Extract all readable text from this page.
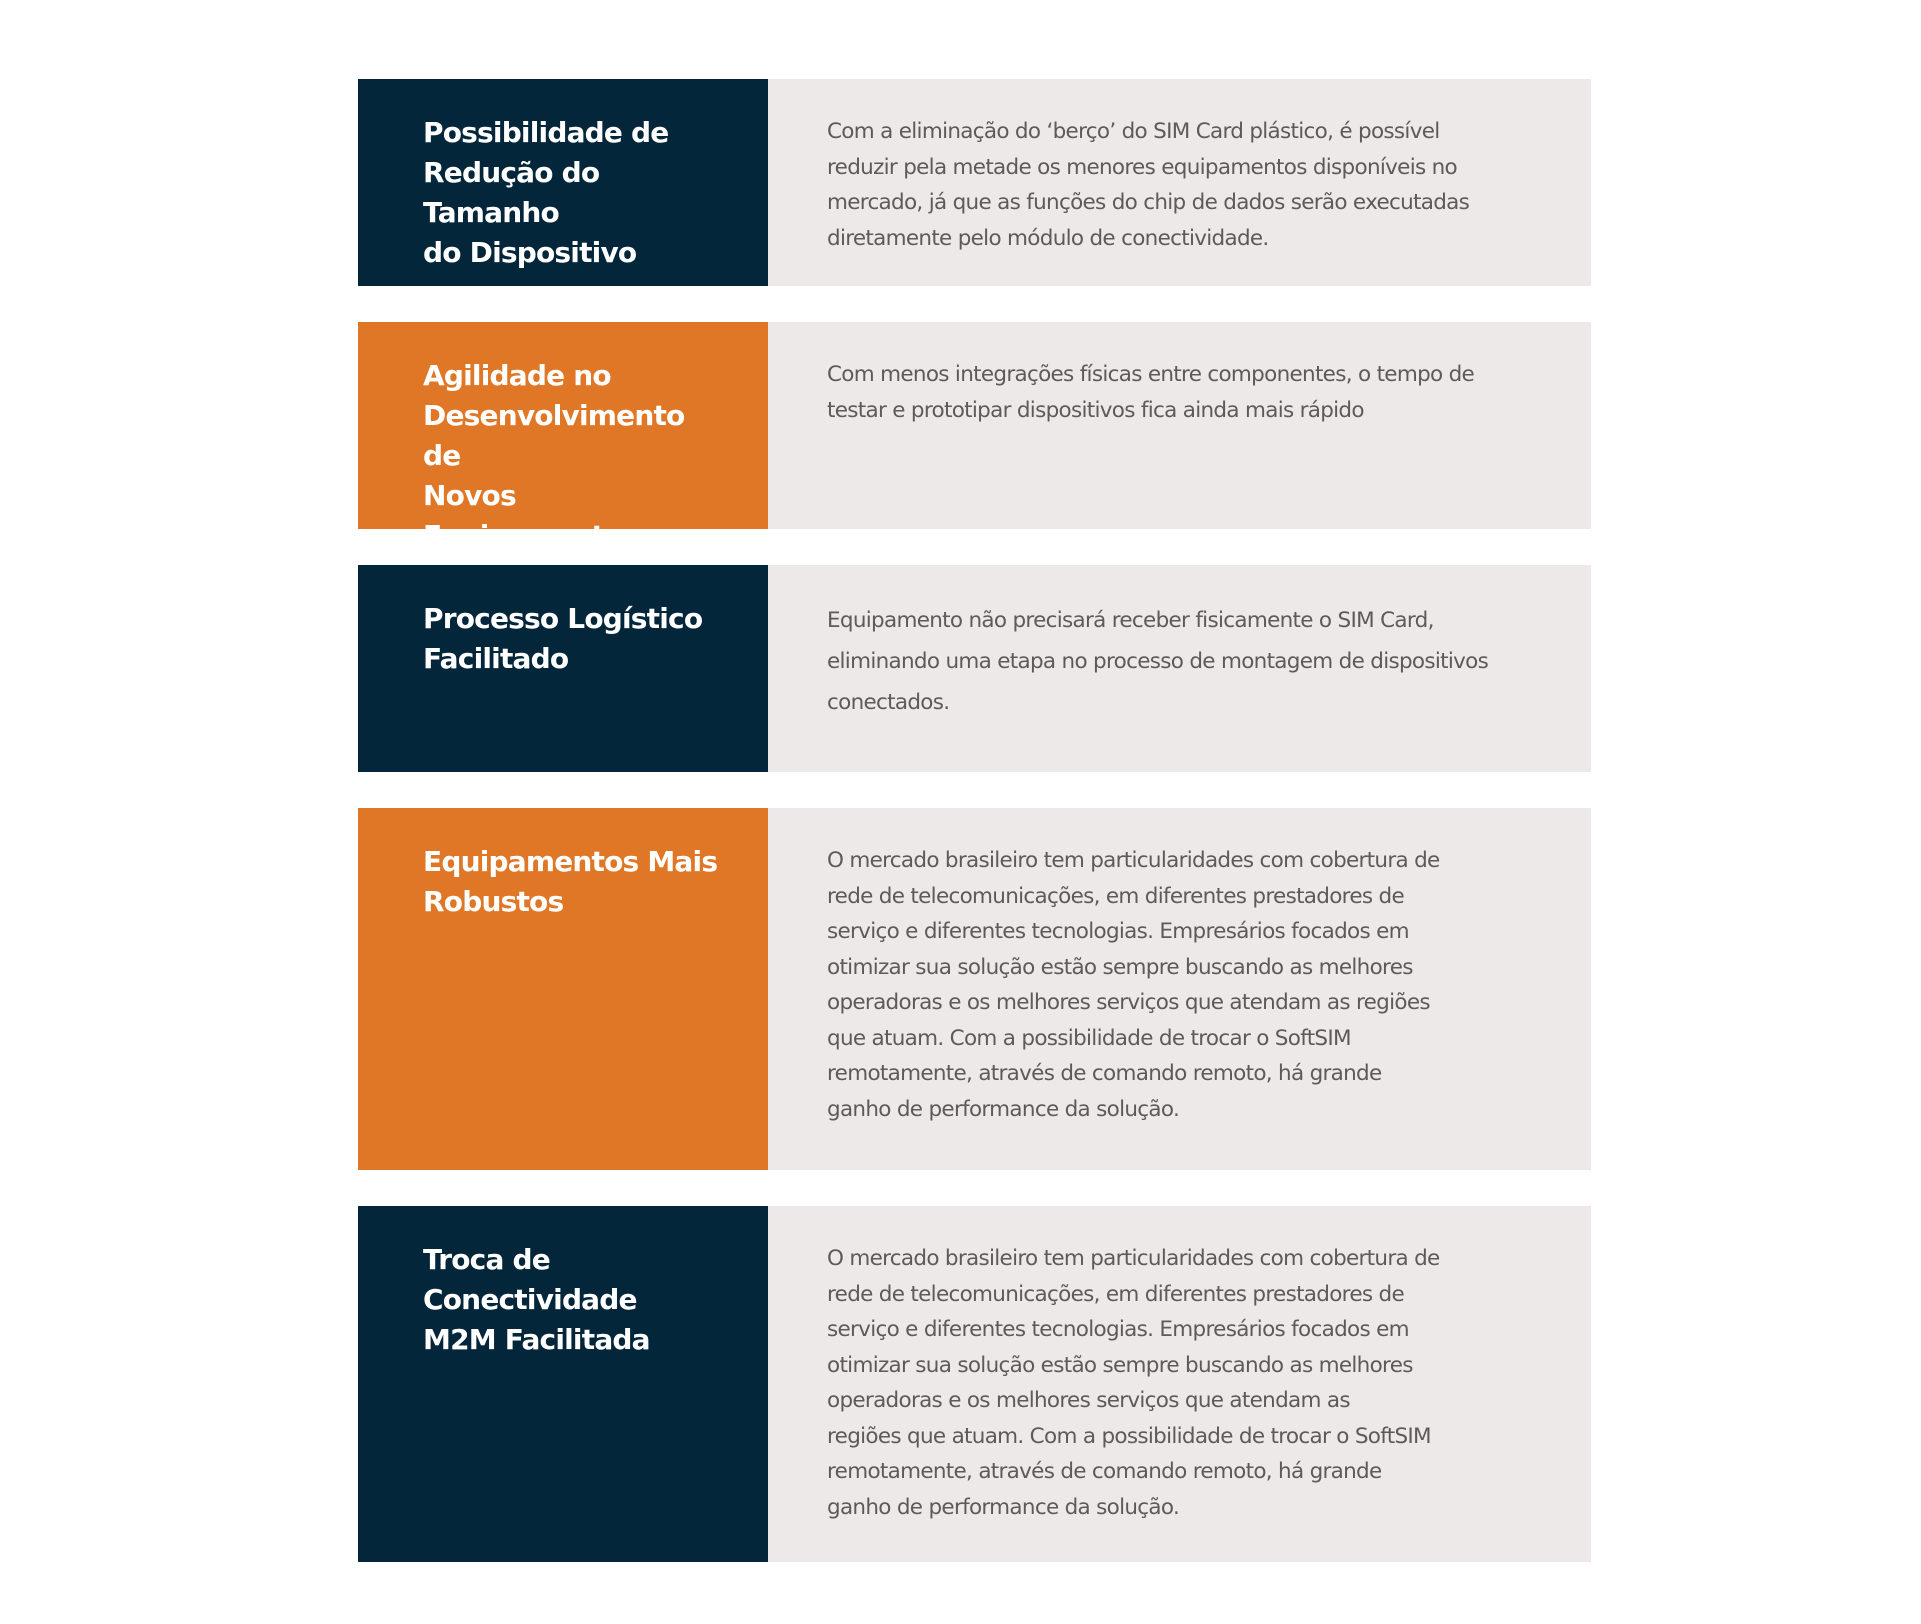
Possibilidade de
Redução do Tamanho
do Dispositivo

Com a eliminação do ‘berço’ do SIM Card plástico, é possível
reduzir pela metade os menores equipamentos disponíveis no
mercado, já que as funções do chip de dados serão executadas
diretamente pelo módulo de conectividade.

Agilidade no
Desenvolvimento de
Novos Equipamentos

Com menos integrações físicas entre componentes, o tempo de
testar e prototipar dispositivos fica ainda mais rápido

Processo Logístico
Facilitado

Equipamento não precisará receber fisicamente o SIM Card,
eliminando uma etapa no processo de montagem de dispositivos
conectados.

Equipamentos Mais
Robustos

O mercado brasileiro tem particularidades com cobertura de
rede de telecomunicações, em diferentes prestadores de
serviço e diferentes tecnologias. Empresários focados em
otimizar sua solução estão sempre buscando as melhores
operadoras e os melhores serviços que atendam as regiões
que atuam. Com a possibilidade de trocar o SoftSIM
remotamente, através de comando remoto, há grande
ganho de performance da solução.

Troca de
Conectividade
M2M Facilitada

O mercado brasileiro tem particularidades com cobertura de
rede de telecomunicações, em diferentes prestadores de
serviço e diferentes tecnologias. Empresários focados em
otimizar sua solução estão sempre buscando as melhores
operadoras e os melhores serviços que atendam as
regiões que atuam. Com a possibilidade de trocar o SoftSIM
remotamente, através de comando remoto, há grande
ganho de performance da solução.
